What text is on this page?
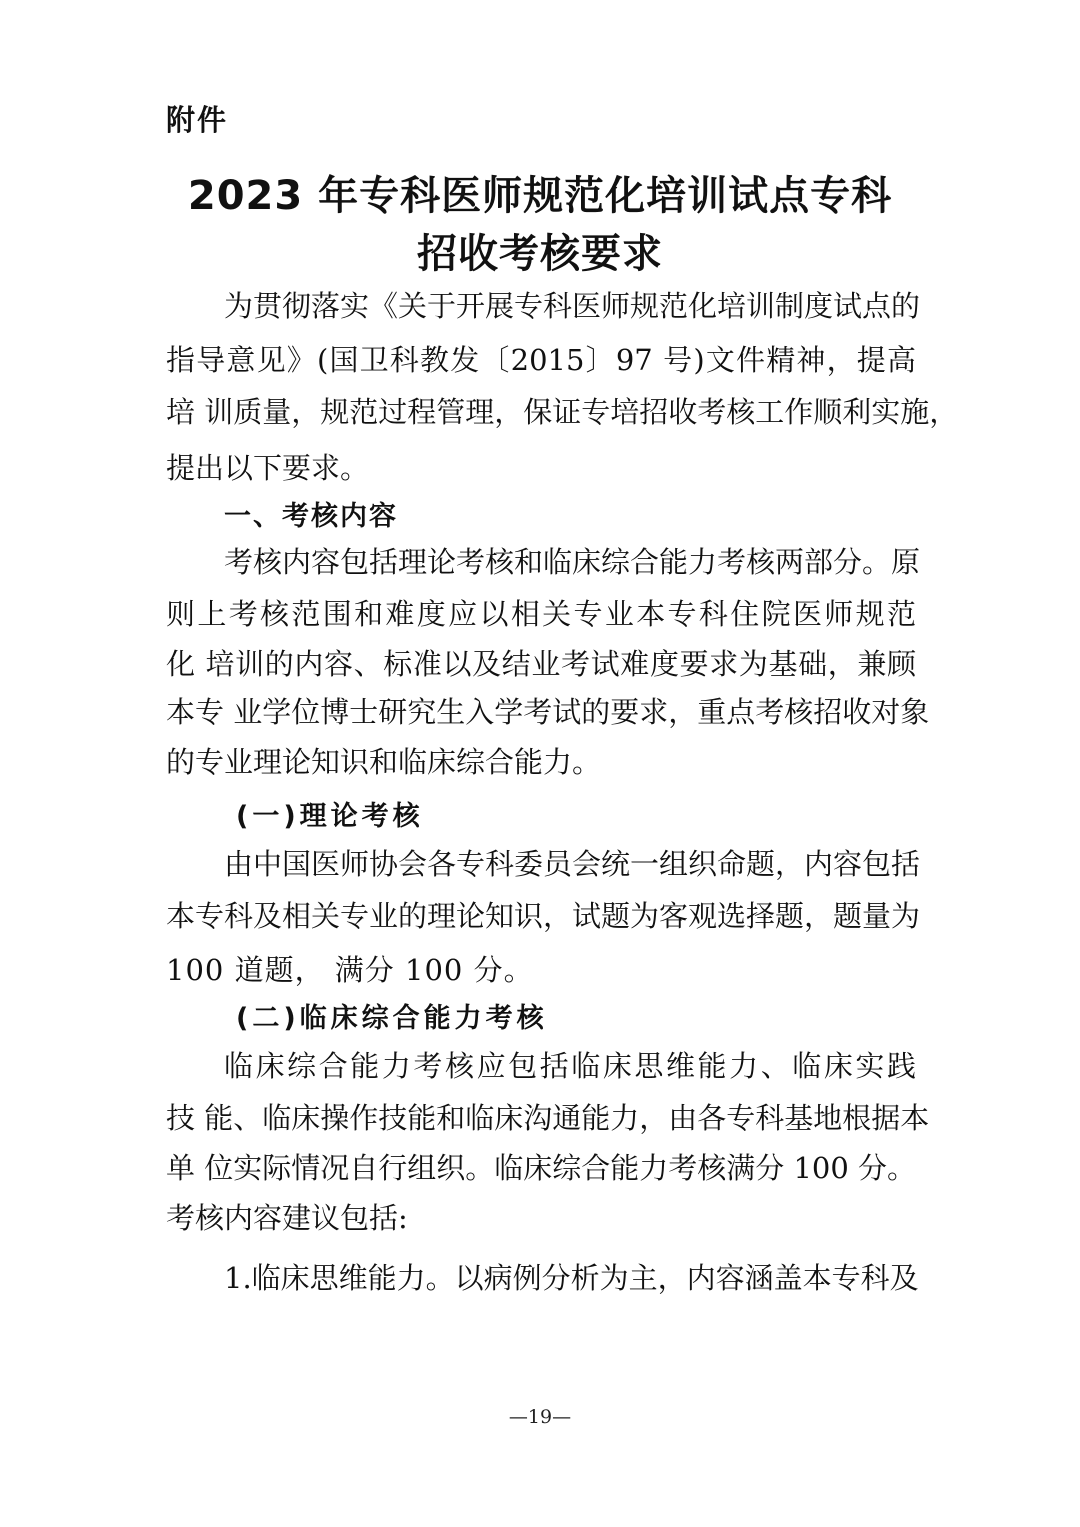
附件
2023 年专科医师规范化培训试点专科
招收考核要求
为贯彻落实《关于开展专科医师规范化培训制度试点的
指导意见》(国卫科教发〔2015〕97 号)文件精神，提高
培 训质量，规范过程管理，保证专培招收考核工作顺利实施，
提出以下要求。
一、考核内容
考核内容包括理论考核和临床综合能力考核两部分。原
则上考核范围和难度应以相关专业本专科住院医师规范
化 培训的内容、标准以及结业考试难度要求为基础，兼顾
本专 业学位博士研究生入学考试的要求，重点考核招收对象
的专业理论知识和临床综合能力。
(一)理论考核
由中国医师协会各专科委员会统一组织命题，内容包括
本专科及相关专业的理论知识，试题为客观选择题，题量为
100 道题， 满分 100 分。
(二)临床综合能力考核
临床综合能力考核应包括临床思维能力、临床实践
技 能、临床操作技能和临床沟通能力，由各专科基地根据本
单 位实际情况自行组织。临床综合能力考核满分 100 分。
考核内容建议包括:
1.临床思维能力。以病例分析为主，内容涵盖本专科及
—19—
